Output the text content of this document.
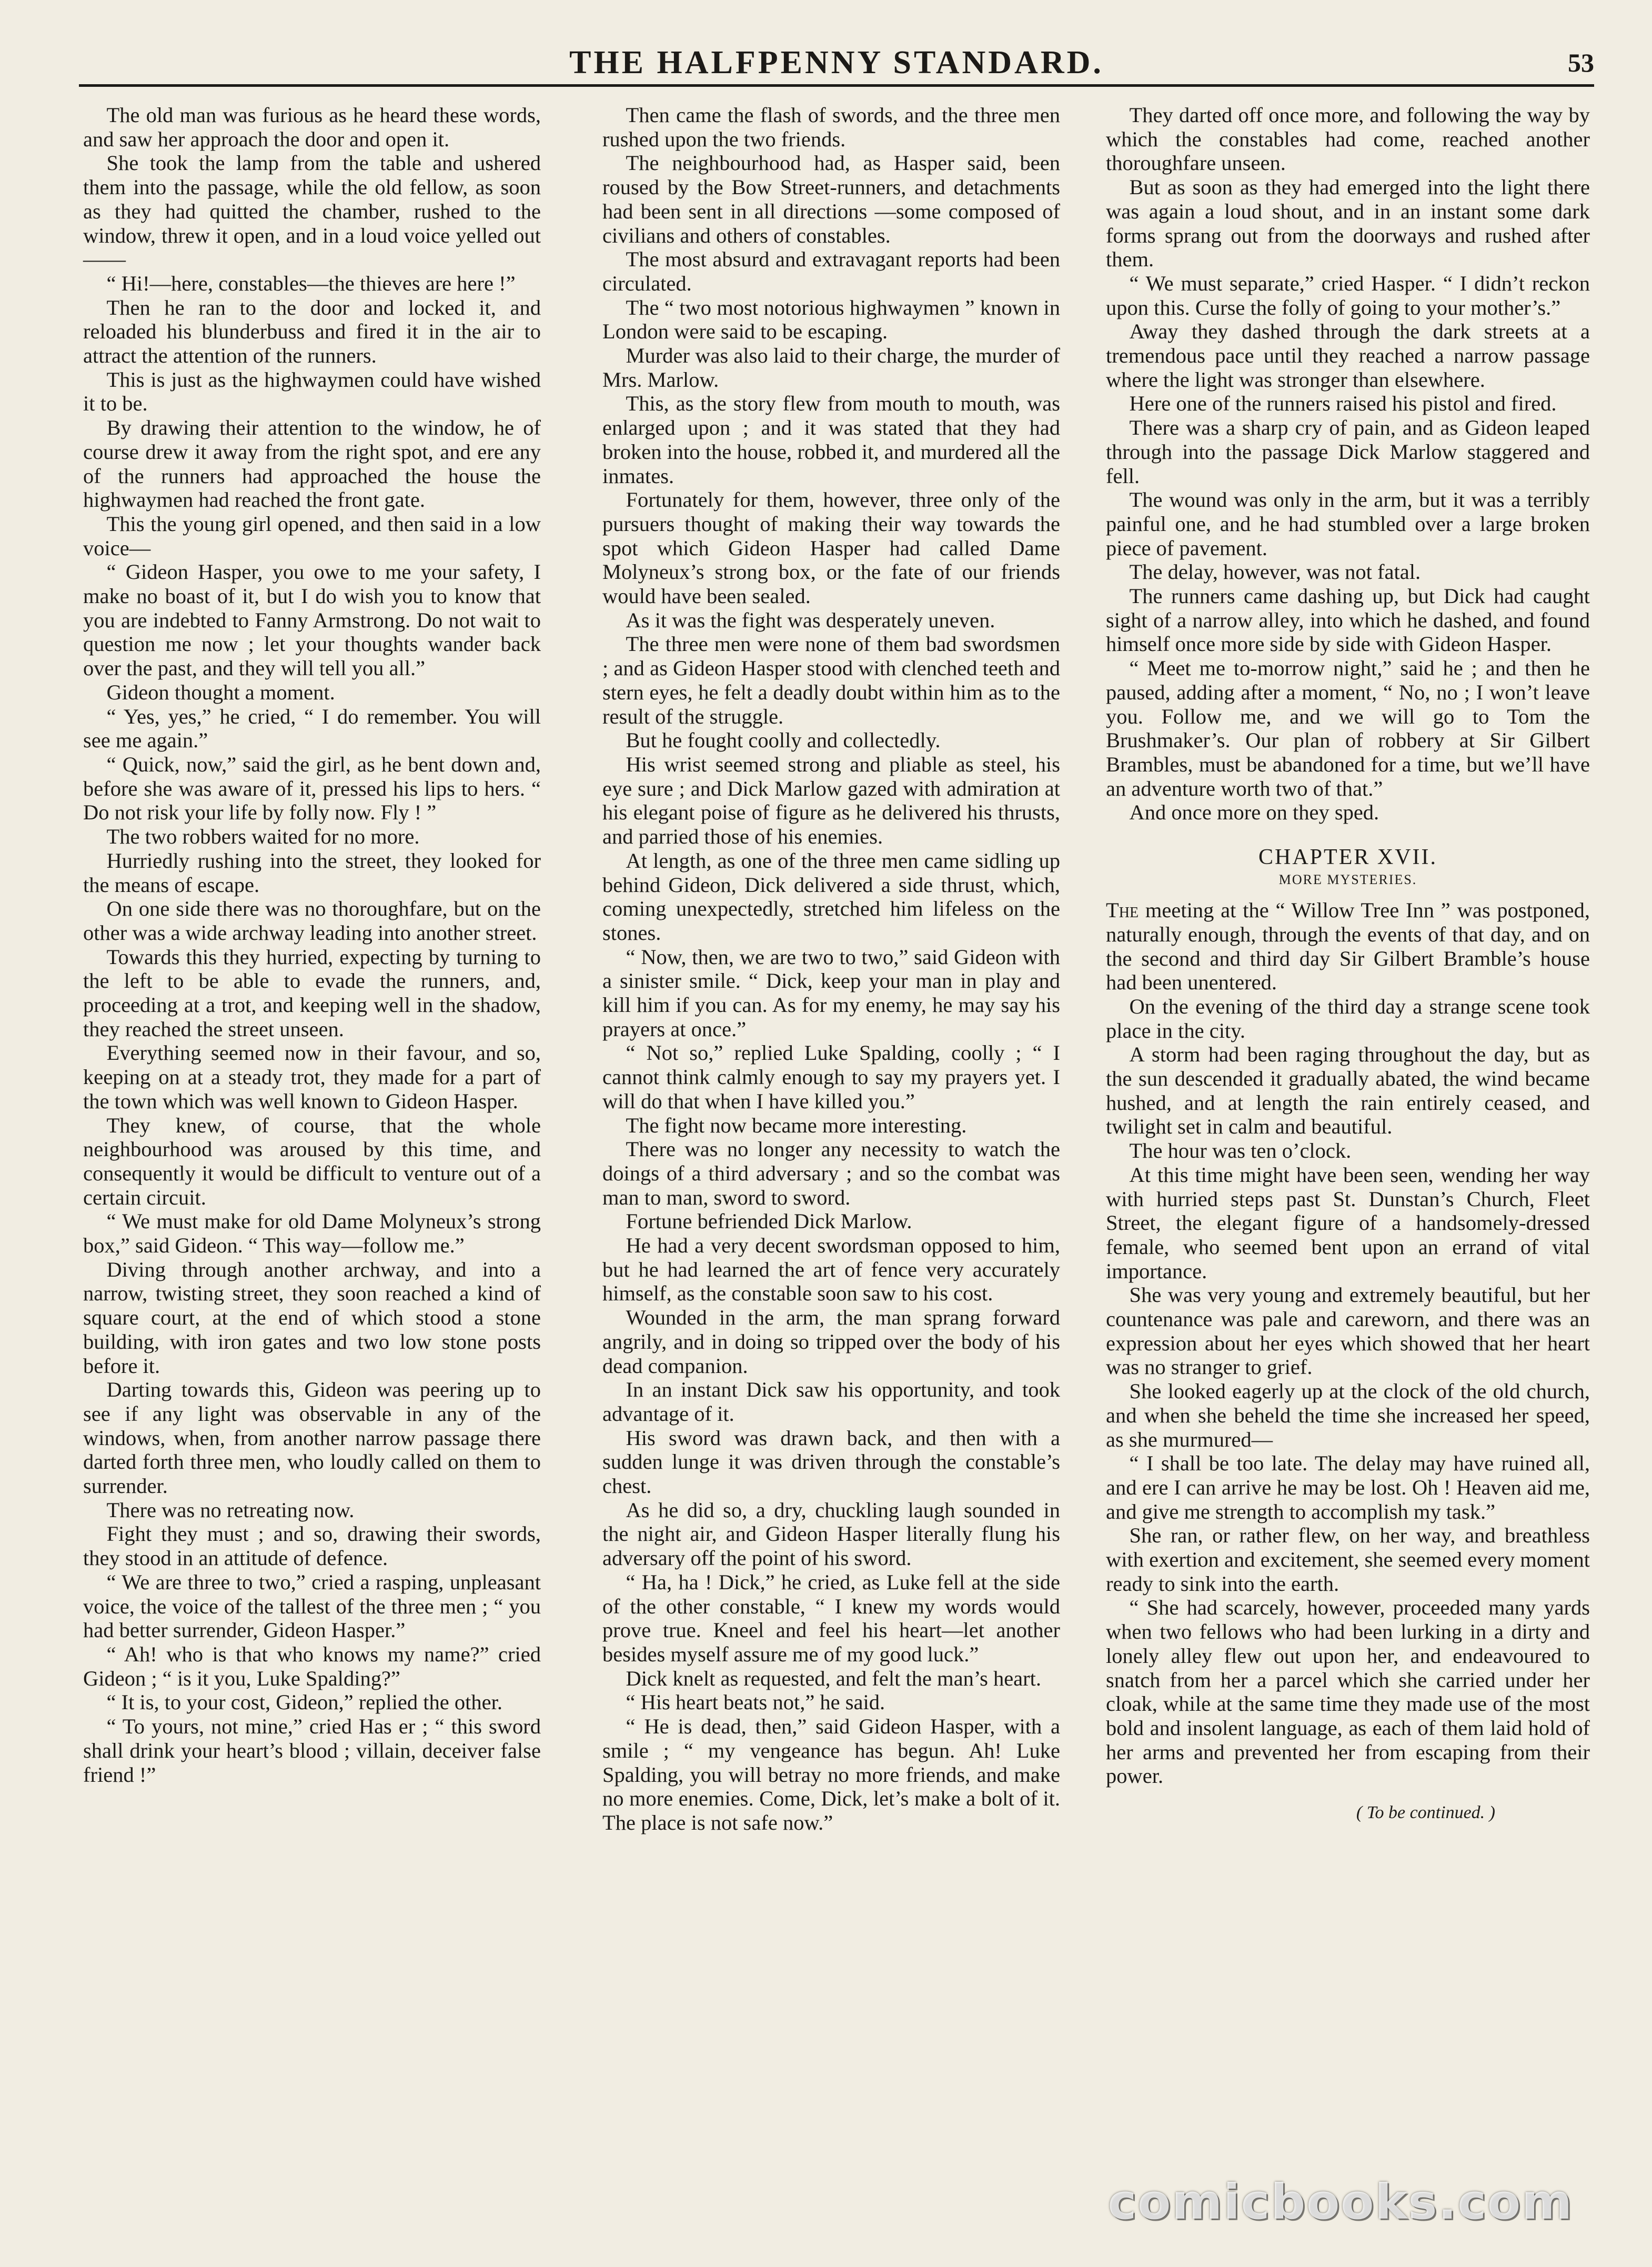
THE HALFPENNY STANDARD.	53

The old man was furious as he heard these words, and saw her approach the door and open it.

She took the lamp from the table and ushered them into the passage, while the old fellow, as soon as they had quitted the chamber, rushed to the window, threw it open, and in a loud voice yelled out——

“ Hi!—here, constables—the thieves are here !”

Then he ran to the door and locked it, and reloaded his blunderbuss and fired it in the air to attract the attention of the runners.

This is just as the highwaymen could have wished it to be.

By drawing their attention to the window, he of course drew it away from the right spot, and ere any of the runners had approached the house the highwaymen had reached the front gate.

This the young girl opened, and then said in a low voice—

“ Gideon Hasper, you owe to me your safety, I make no boast of it, but I do wish you to know that you are indebted to Fanny Armstrong. Do not wait to question me now ; let your thoughts wander back over the past, and they will tell you all.”

Gideon thought a moment.

“ Yes, yes,” he cried, “ I do remember. You will see me again.”

“ Quick, now,” said the girl, as he bent down and, before she was aware of it, pressed his lips to hers. “ Do not risk your life by folly now. Fly ! ”

The two robbers waited for no more.

Hurriedly rushing into the street, they looked for the means of escape.

On one side there was no thoroughfare, but on the other was a wide archway leading into another street.

Towards this they hurried, expecting by turning to the left to be able to evade the runners, and, proceeding at a trot, and keeping well in the shadow, they reached the street unseen.

Everything seemed now in their favour, and so, keeping on at a steady trot, they made for a part of the town which was well known to Gideon Hasper.

They knew, of course, that the whole neighbourhood was aroused by this time, and consequently it would be difficult to venture out of a certain circuit.

“ We must make for old Dame Molyneux’s strong box,” said Gideon. “ This way—follow me.”

Diving through another archway, and into a narrow, twisting street, they soon reached a kind of square court, at the end of which stood a stone building, with iron gates and two low stone posts before it.

Darting towards this, Gideon was peering up to see if any light was observable in any of the windows, when, from another narrow passage there darted forth three men, who loudly called on them to surrender.

There was no retreating now.

Fight they must ; and so, drawing their swords, they stood in an attitude of defence.

“ We are three to two,” cried a rasping, unpleasant voice, the voice of the tallest of the three men ; “ you had better surrender, Gideon Hasper.”

“ Ah! who is that who knows my name?” cried Gideon ; “ is it you, Luke Spalding?”

“ It is, to your cost, Gideon,” replied the other.

“ To yours, not mine,” cried Has er ; “ this sword shall drink your heart’s blood ; villain, deceiver false friend !”

Then came the flash of swords, and the three men rushed upon the two friends.

The neighbourhood had, as Hasper said, been roused by the Bow Street-runners, and detachments had been sent in all directions —some composed of civilians and others of constables.

The most absurd and extravagant reports had been circulated.

The “ two most notorious highwaymen ” known in London were said to be escaping.

Murder was also laid to their charge, the murder of Mrs. Marlow.

This, as the story flew from mouth to mouth, was enlarged upon ; and it was stated that they had broken into the house, robbed it, and murdered all the inmates.

Fortunately for them, however, three only of the pursuers thought of making their way towards the spot which Gideon Hasper had called Dame Molyneux’s strong box, or the fate of our friends would have been sealed.

As it was the fight was desperately uneven.

The three men were none of them bad swordsmen ; and as Gideon Hasper stood with clenched teeth and stern eyes, he felt a deadly doubt within him as to the result of the struggle.

But he fought coolly and collectedly.

His wrist seemed strong and pliable as steel, his eye sure ; and Dick Marlow gazed with admiration at his elegant poise of figure as he delivered his thrusts, and parried those of his enemies.

At length, as one of the three men came sidling up behind Gideon, Dick delivered a side thrust, which, coming unexpectedly, stretched him lifeless on the stones.

“ Now, then, we are two to two,” said Gideon with a sinister smile. “ Dick, keep your man in play and kill him if you can. As for my enemy, he may say his prayers at once.”

“ Not so,” replied Luke Spalding, coolly ; “ I cannot think calmly enough to say my prayers yet. I will do that when I have killed you.”

The fight now became more interesting.

There was no longer any necessity to watch the doings of a third adversary ; and so the combat was man to man, sword to sword.

Fortune befriended Dick Marlow.

He had a very decent swordsman opposed to him, but he had learned the art of fence very accurately himself, as the constable soon saw to his cost.

Wounded in the arm, the man sprang forward angrily, and in doing so tripped over the body of his dead companion.

In an instant Dick saw his opportunity, and took advantage of it.

His sword was drawn back, and then with a sudden lunge it was driven through the constable’s chest.

As he did so, a dry, chuckling laugh sounded in the night air, and Gideon Hasper literally flung his adversary off the point of his sword.

“ Ha, ha ! Dick,” he cried, as Luke fell at the side of the other constable, “ I knew my words would prove true. Kneel and feel his heart—let another besides myself assure me of my good luck.”

Dick knelt as requested, and felt the man’s heart.

“ His heart beats not,” he said.

“ He is dead, then,” said Gideon Hasper, with a smile ; “ my vengeance has begun. Ah! Luke Spalding, you will betray no more friends, and make no more enemies. Come, Dick, let’s make a bolt of it. The place is not safe now.”

They darted off once more, and following the way by which the constables had come, reached another thoroughfare unseen.

But as soon as they had emerged into the light there was again a loud shout, and in an instant some dark forms sprang out from the doorways and rushed after them.

“ We must separate,” cried Hasper. “ I didn’t reckon upon this. Curse the folly of going to your mother’s.”

Away they dashed through the dark streets at a tremendous pace until they reached a narrow passage where the light was stronger than elsewhere.

Here one of the runners raised his pistol and fired.

There was a sharp cry of pain, and as Gideon leaped through into the passage Dick Marlow staggered and fell.

The wound was only in the arm, but it was a terribly painful one, and he had stumbled over a large broken piece of pavement.

The delay, however, was not fatal.

The runners came dashing up, but Dick had caught sight of a narrow alley, into which he dashed, and found himself once more side by side with Gideon Hasper.

“ Meet me to-morrow night,” said he ; and then he paused, adding after a moment, “ No, no ; I won’t leave you. Follow me, and we will go to Tom the Brushmaker’s. Our plan of robbery at Sir Gilbert Brambles, must be abandoned for a time, but we’ll have an adventure worth two of that.”

And once more on they sped.

CHAPTER XVII.
MORE MYSTERIES.

The meeting at the “ Willow Tree Inn ” was postponed, naturally enough, through the events of that day, and on the second and third day Sir Gilbert Bramble’s house had been unentered.

On the evening of the third day a strange scene took place in the city.

A storm had been raging throughout the day, but as the sun descended it gradually abated, the wind became hushed, and at length the rain entirely ceased, and twilight set in calm and beautiful.

The hour was ten o’clock.

At this time might have been seen, wending her way with hurried steps past St. Dunstan’s Church, Fleet Street, the elegant figure of a handsomely-dressed female, who seemed bent upon an errand of vital importance.

She was very young and extremely beautiful, but her countenance was pale and careworn, and there was an expression about her eyes which showed that her heart was no stranger to grief.

She looked eagerly up at the clock of the old church, and when she beheld the time she increased her speed, as she murmured—

“ I shall be too late. The delay may have ruined all, and ere I can arrive he may be lost. Oh ! Heaven aid me, and give me strength to accomplish my task.”

She ran, or rather flew, on her way, and breathless with exertion and excitement, she seemed every moment ready to sink into the earth.

“ She had scarcely, however, proceeded many yards when two fellows who had been lurking in a dirty and lonely alley flew out upon her, and endeavoured to snatch from her a parcel which she carried under her cloak, while at the same time they made use of the most bold and insolent language, as each of them laid hold of her arms and prevented her from escaping from their power.

( To be continued. )
comicbooks.com
